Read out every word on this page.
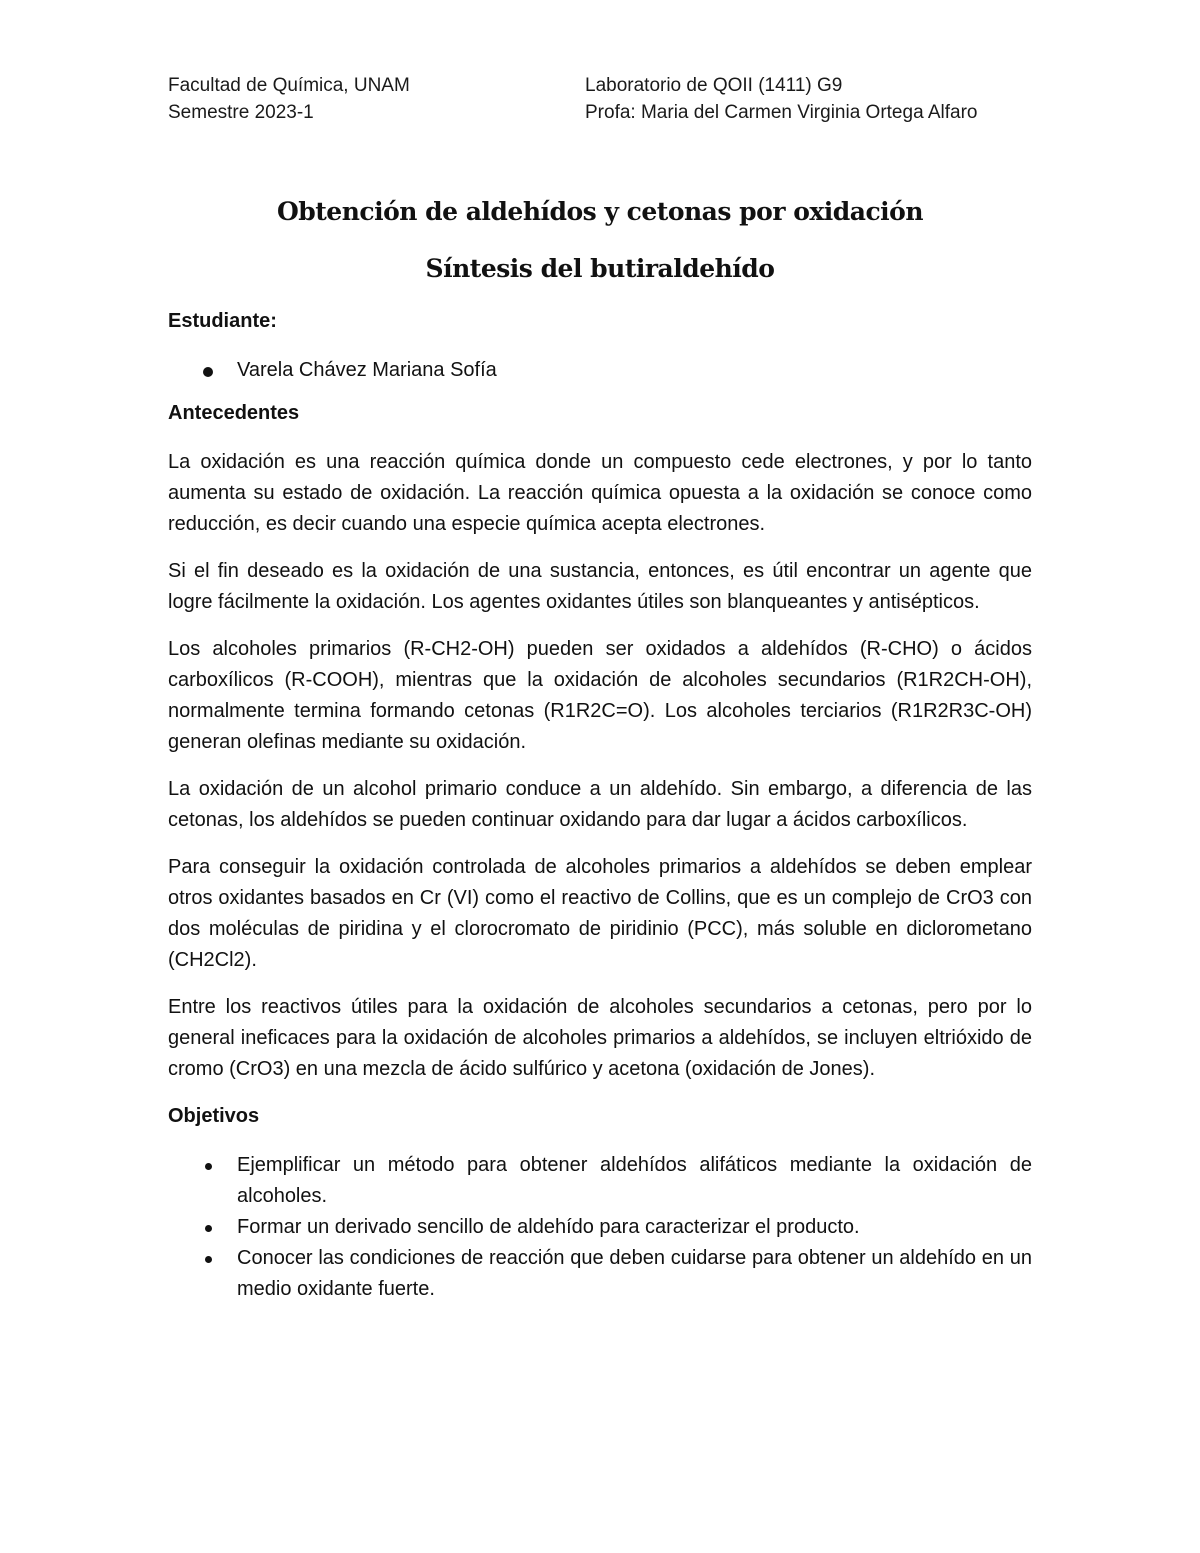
Facultad de Química, UNAM
Semestre 2023-1
Laboratorio de QOII (1411) G9
Profa: Maria del Carmen Virginia Ortega Alfaro
Obtención de aldehídos y cetonas por oxidación
Síntesis del butiraldehído
Estudiante:
Varela Chávez Mariana Sofía
Antecedentes

La oxidación es una reacción química donde un compuesto cede electrones, y por lo tanto aumenta su estado de oxidación. La reacción química opuesta a la oxidación se conoce como reducción, es decir cuando una especie química acepta electrones.

Si el fin deseado es la oxidación de una sustancia, entonces, es útil encontrar un agente que logre fácilmente la oxidación. Los agentes oxidantes útiles son blanqueantes y antisépticos.

Los alcoholes primarios (R-CH2-OH) pueden ser oxidados a aldehídos (R-CHO) o ácidos carboxílicos (R-COOH), mientras que la oxidación de alcoholes secundarios (R1R2CH-OH), normalmente termina formando cetonas (R1R2C=O). Los alcoholes terciarios (R1R2R3C-OH) generan olefinas mediante su oxidación.

La oxidación de un alcohol primario conduce a un aldehído. Sin embargo, a diferencia de las cetonas, los aldehídos se pueden continuar oxidando para dar lugar a ácidos carboxílicos.

Para conseguir la oxidación controlada de alcoholes primarios a aldehídos se deben emplear otros oxidantes basados en Cr (VI) como el reactivo de Collins, que es un complejo de CrO3 con dos moléculas de piridina y el clorocromato de piridinio (PCC), más soluble en diclorometano (CH2Cl2).

Entre los reactivos útiles para la oxidación de alcoholes secundarios a cetonas, pero por lo general ineficaces para la oxidación de alcoholes primarios a aldehídos, se incluyen eltrióxido de cromo (CrO3) en una mezcla de ácido sulfúrico y acetona (oxidación de Jones).

Objetivos
Ejemplificar un método para obtener aldehídos alifáticos mediante la oxidación de alcoholes.
Formar un derivado sencillo de aldehído para caracterizar el producto.
Conocer las condiciones de reacción que deben cuidarse para obtener un aldehído en un medio oxidante fuerte.
